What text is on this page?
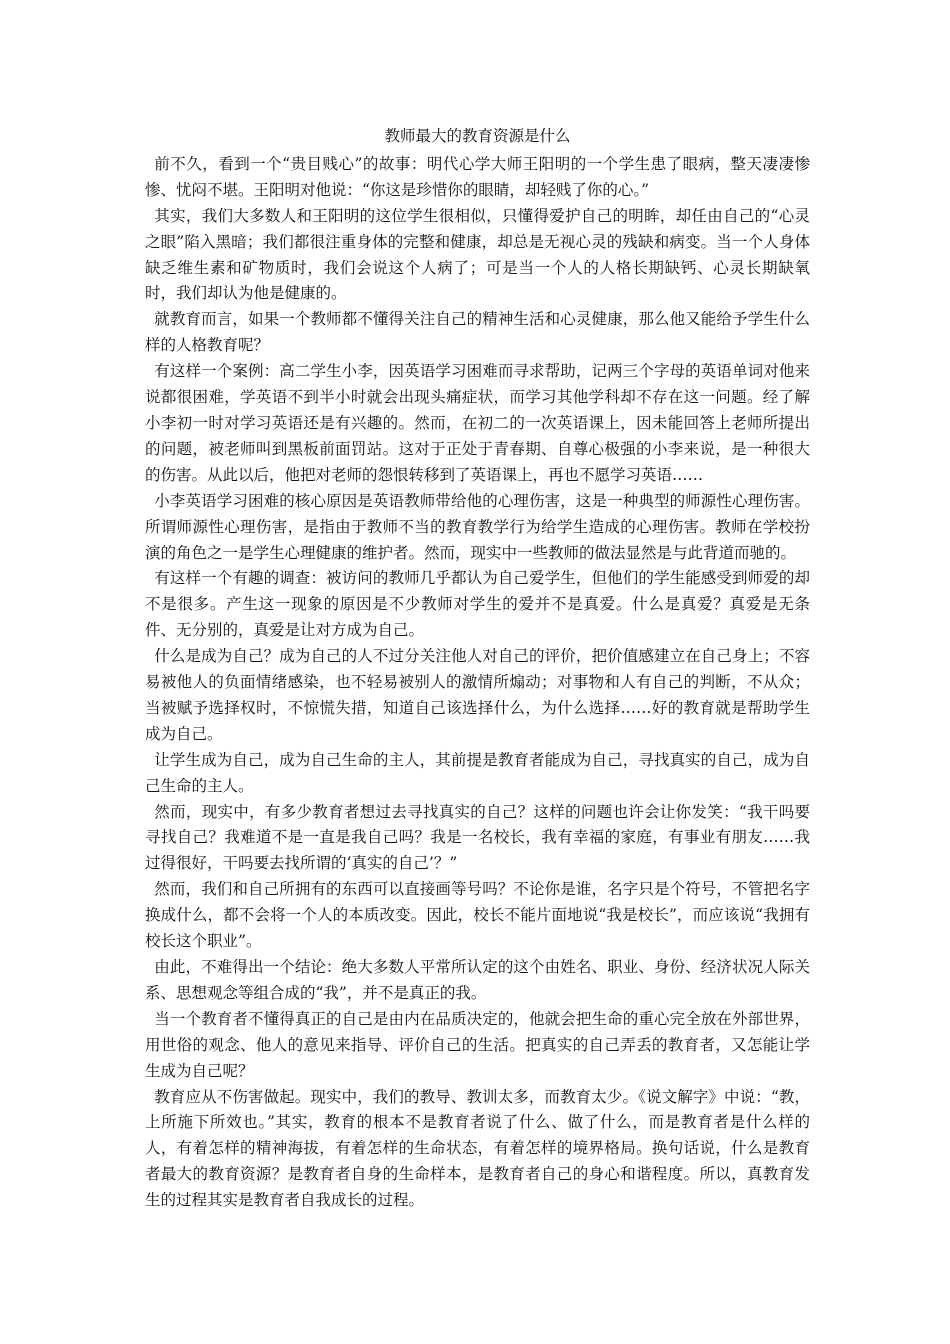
教师最大的教育资源是什么

前不久，看到一个“贵目贱心”的故事：明代心学大师王阳明的一个学生患了眼病，整天凄凄惨惨、忧闷不堪。王阳明对他说：“你这是珍惜你的眼睛，却轻贱了你的心。”

其实，我们大多数人和王阳明的这位学生很相似，只懂得爱护自己的明眸，却任由自己的“心灵之眼”陷入黑暗；我们都很注重身体的完整和健康，却总是无视心灵的残缺和病变。当一个人身体缺乏维生素和矿物质时，我们会说这个人病了；可是当一个人的人格长期缺钙、心灵长期缺氧时，我们却认为他是健康的。

就教育而言，如果一个教师都不懂得关注自己的精神生活和心灵健康，那么他又能给予学生什么样的人格教育呢？

有这样一个案例：高二学生小李，因英语学习困难而寻求帮助，记两三个字母的英语单词对他来说都很困难，学英语不到半小时就会出现头痛症状，而学习其他学科却不存在这一问题。经了解小李初一时对学习英语还是有兴趣的。然而，在初二的一次英语课上，因未能回答上老师所提出的问题，被老师叫到黑板前面罚站。这对于正处于青春期、自尊心极强的小李来说，是一种很大的伤害。从此以后，他把对老师的怨恨转移到了英语课上，再也不愿学习英语……

小李英语学习困难的核心原因是英语教师带给他的心理伤害，这是一种典型的师源性心理伤害。所谓师源性心理伤害，是指由于教师不当的教育教学行为给学生造成的心理伤害。教师在学校扮演的角色之一是学生心理健康的维护者。然而，现实中一些教师的做法显然是与此背道而驰的。

有这样一个有趣的调查：被访问的教师几乎都认为自己爱学生，但他们的学生能感受到师爱的却不是很多。产生这一现象的原因是不少教师对学生的爱并不是真爱。什么是真爱？真爱是无条件、无分别的，真爱是让对方成为自己。

什么是成为自己？成为自己的人不过分关注他人对自己的评价，把价值感建立在自己身上；不容易被他人的负面情绪感染，也不轻易被别人的激情所煽动；对事物和人有自己的判断，不从众；当被赋予选择权时，不惊慌失措，知道自己该选择什么，为什么选择……好的教育就是帮助学生成为自己。

让学生成为自己，成为自己生命的主人，其前提是教育者能成为自己，寻找真实的自己，成为自己生命的主人。

然而，现实中，有多少教育者想过去寻找真实的自己？这样的问题也许会让你发笑：“我干吗要寻找自己？我难道不是一直是我自己吗？我是一名校长，我有幸福的家庭，有事业有朋友……我过得很好，干吗要去找所谓的‘真实的自己’？”

然而，我们和自己所拥有的东西可以直接画等号吗？不论你是谁，名字只是个符号，不管把名字换成什么，都不会将一个人的本质改变。因此，校长不能片面地说“我是校长”，而应该说“我拥有校长这个职业”。

由此，不难得出一个结论：绝大多数人平常所认定的这个由姓名、职业、身份、经济状况人际关系、思想观念等组合成的“我”，并不是真正的我。

当一个教育者不懂得真正的自己是由内在品质决定的，他就会把生命的重心完全放在外部世界，用世俗的观念、他人的意见来指导、评价自己的生活。把真实的自己弄丢的教育者，又怎能让学生成为自己呢？

教育应从不伤害做起。现实中，我们的教导、教训太多，而教育太少。《说文解字》中说：“教，上所施下所效也。”其实，教育的根本不是教育者说了什么、做了什么，而是教育者是什么样的人，有着怎样的精神海拔，有着怎样的生命状态，有着怎样的境界格局。换句话说，什么是教育者最大的教育资源？是教育者自身的生命样本，是教育者自己的身心和谐程度。所以，真教育发生的过程其实是教育者自我成长的过程。
